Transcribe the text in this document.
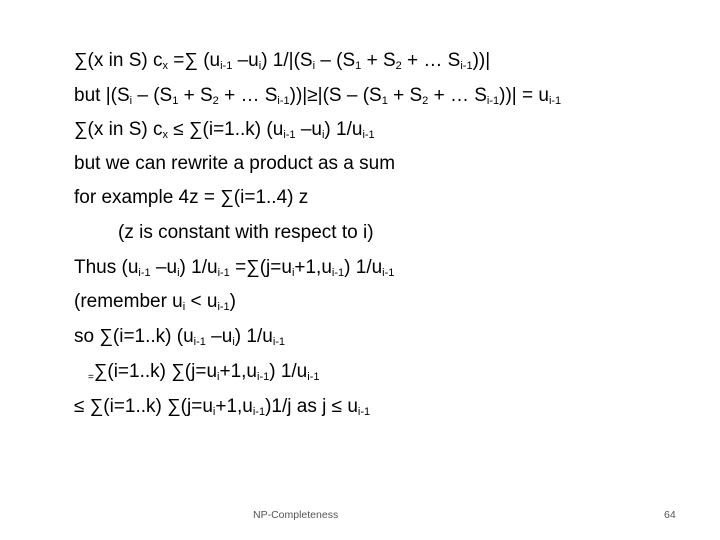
∑(x in S) $c_x$ =∑ ($u_{i-1}$ $-u_i$) $1/|(S_i - (S_1 + S_2$ + … $S_{i-1}))|$
but $|(S_i - (S_1 + S_2$ + … $S_{i-1}))|\ge|(S - (S_1 + S_2$ + … $S_{i-1}))| = u_{i-1}$
∑(x in S) $c_x \le \sum(i=1..k)$ ($u_{i-1}$ $-u_i$) $1/u_{i-1}$
but we can rewrite a product as a sum
for example 4z = ∑(i=1..4) z
(z is constant with respect to i)
Thus ($u_{i-1}$ $-u_i$) $1/u_{i-1} =\sum(j=u_i+1,u_{i-1})$ $1/u_{i-1}$
(remember $u_i < u_{i-1}$)
so ∑(i=1..k) ($u_{i-1}$ $-u_i$) $1/u_{i-1}$
=∑(i=1..k) $\sum(j=u_i+1,u_{i-1})$ $1/u_{i-1}$
≤ ∑(i=1..k) $\sum(j=u_i+1,u_{i-1})1/j$ as $j \le u_{i-1}$
NP-Completeness	64
